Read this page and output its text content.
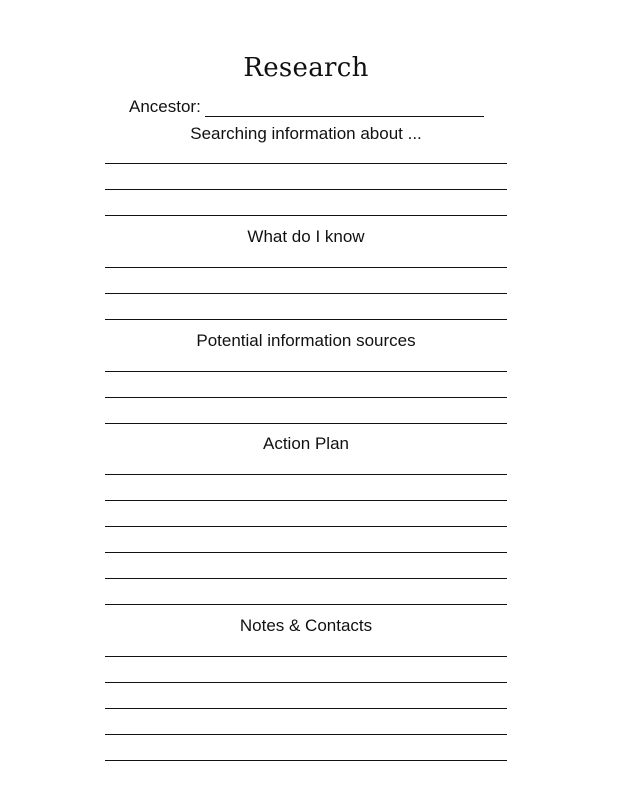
Research
Ancestor:
Searching information about ...
What do I know
Potential information sources
Action Plan
Notes & Contacts
